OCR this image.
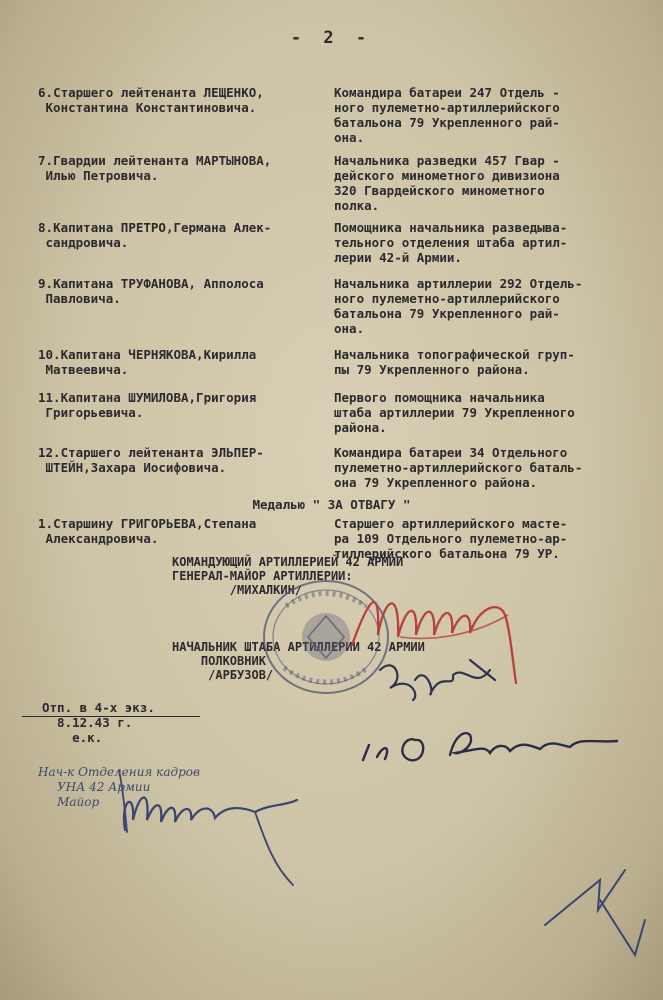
- 2 -
6.Старшего лейтенанта ЛЕЩЕНКО,
Константина Константиновича.
Командира батареи 247 Отдель -
ного пулеметно-артиллерийского
батальона 79 Укрепленного рай-
она.
7.Гвардии лейтенанта МАРТЫНОВА,
Илью Петровича.
Начальника разведки 457 Гвар -
дейского минометного дивизиона
320 Гвардейского минометного
полка.
8.Капитана ПРЕТРО,Германа Алек-
сандровича.
Помощника начальника разведыва-
тельного отделения штаба артил-
лерии 42-й Армии.
9.Капитана ТРУФАНОВА, Апполоса
Павловича.
Начальника артиллерии 292 Отдель-
ного пулеметно-артиллерийского
батальона 79 Укрепленного рай-
она.
10.Капитана ЧЕРНЯКОВА,Кирилла
Матвеевича.
Начальника топографической груп-
пы 79 Укрепленного района.
11.Капитана ШУМИЛОВА,Григория
Григорьевича.
Первого помощника начальника
штаба артиллерии 79 Укрепленного
района.
12.Старшего лейтенанта ЭЛЬПЕР-
ШТЕЙН,Захара Иосифовича.
Командира батареи 34 Отдельного
пулеметно-артиллерийского баталь-
она 79 Укрепленного района.
Медалью " ЗА ОТВАГУ "
1.Старшину ГРИГОРЬЕВА,Степана
Александровича.
Старшего артиллерийского масте-
ра 109 Отдельного пулеметно-ар-
тиллерийского батальона 79 УР.
КОМАНДУЮЩИЙ АРТИЛЛЕРИЕЙ 42 АРМИИ
ГЕНЕРАЛ-МАЙОР АРТИЛЛЕРИИ:
/МИХАЛКИН/
НАЧАЛЬНИК ШТАБА АРТИЛЛЕРИИ 42 АРМИИ
ПОЛКОВНИК
/АРБУЗОВ/
Отп. в 4-х экз.
8.12.43 г.
е.к.
Нач-к Отделения кадров
УНА 42 Армии
Майор
